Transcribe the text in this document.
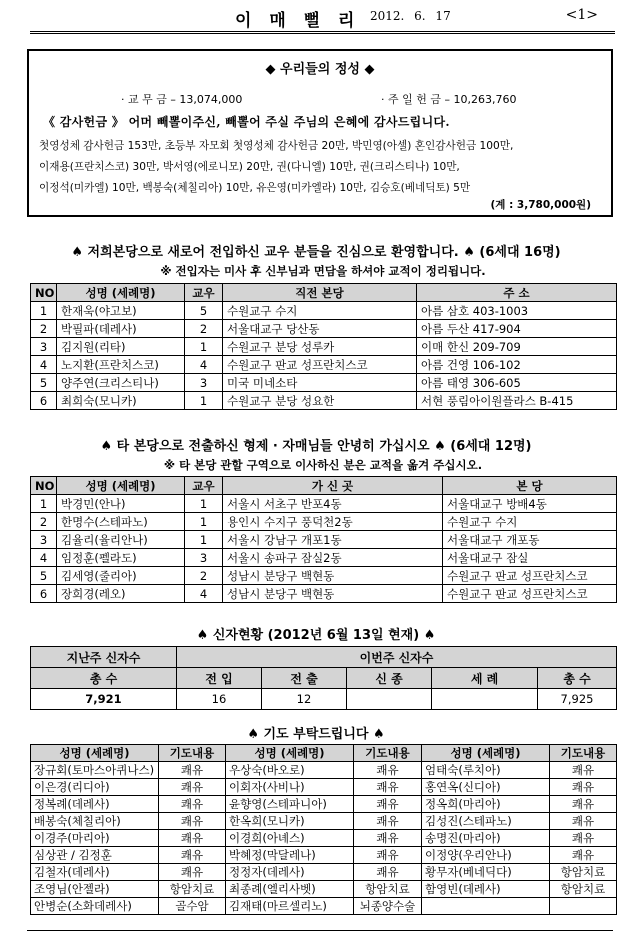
이 매 뻘 리 2012. 6. 17	<1>
◆ 우리들의 정성 ◆
· 교 무 금 – 13,074,000	· 주 일 헌 금 – 10,263,760
《 감사헌금 》 어머 빼뽈이주신, 빼뽈어 주실 주님의 은혜에 감사드립니다.
첫영성체 감사헌금 153만, 초등부 자모회 첫영성체 감사헌금 20만, 박민영(아셀) 혼인감사헌금 100만,
이재용(프란치스코) 30만, 박서영(에로니모) 20만, 권(다니엘) 10만, 권(크리스티나) 10만,
이정석(미카엘) 10만, 백봉숙(체칠리아) 10만, 유은영(미카엘라) 10만, 김승호(베네딕토) 5만
(계 : 3,780,000원)
♠ 저희본당으로 새로어 전입하신 교우 분들을 진심으로 환영합니다. ♠ (6세대 16명)
※ 전입자는 미사 후 신부님과 면담을 하셔야 교적이 정리됩니다.
NO	성명 (세례명)	교우	직전 본당	주 소
1	한재욱(야고보)	5	수원교구 수지	아름 삼호 403-1003
2	박필파(데레사)	2	서울대교구 당산동	아름 두산 417-904
3	김지원(리타)	1	수원교구 분당 성루카	이매 한신 209-709
4	노지환(프란치스코)	4	수원교구 판교 성프란치스코	아름 건영 106-102
5	양주연(크리스티나)	3	미국 미네소타	아름 태영 306-605
6	최희숙(모니카)	1	수원교구 분당 성요한	서현 풍림아이원플라스 B-415
♠ 타 본당으로 전출하신 형제 · 자매님들 안녕히 가십시오 ♠ (6세대 12명)
※ 타 본당 관할 구역으로 이사하신 분은 교적을 옮겨 주십시오.
NO	성명 (세례명)	교우	가 신 곳	본 당
1	박경민(안나)	1	서울시 서초구 반포4동	서울대교구 방배4동
2	한명수(스테파노)	1	용인시 수지구 풍덕천2동	수원교구 수지
3	김율리(율리안나)	1	서울시 강남구 개포1동	서울대교구 개포동
4	임정훈(펠라도)	3	서울시 송파구 잠실2동	서울대교구 잠실
5	김세영(줄리아)	2	성남시 분당구 백현동	수원교구 판교 성프란치스코
6	장희경(레오)	4	성남시 분당구 백현동	수원교구 판교 성프란치스코
♠ 신자현황 (2012년 6월 13일 현재) ♠
지난주 신자수	이번주 신자수				
총 수	전 입	전 출	신 종	세 례	총 수
7,921	16	12			7,925
♠ 기도 부탁드립니다 ♠
성명 (세례명)	기도내용	성명 (세례명)	기도내용	성명 (세례명)	기도내용
장규회(토마스아퀴나스)	쾌유	우상숙(바오로)	쾌유	엄태숙(루치아)	쾌유
이은경(리디아)	쾌유	이회자(사비나)	쾌유	홍연옥(신디아)	쾌유
정복례(데레사)	쾌유	윤향영(스테파니아)	쾌유	정옥희(마리아)	쾌유
배봉숙(체칠리아)	쾌유	한옥희(모니카)	쾌유	김성진(스테파노)	쾌유
이경주(마리아)	쾌유	이경희(아녜스)	쾌유	송명진(마리아)	쾌유
심상관 / 김정훈	쾌유	박혜정(막달레나)	쾌유	이정양(우리안나)	쾌유
김철자(데레사)	쾌유	정정자(데레사)	쾌유	황무자(베네딕다)	항암치료
조영님(안젤라)	항암치료	최종례(엘리사벳)	항암치료	함영빈(데레사)	항암치료
안병순(소화데레사)	골수암	김재태(마르셀리노)	뇌종양수술		
